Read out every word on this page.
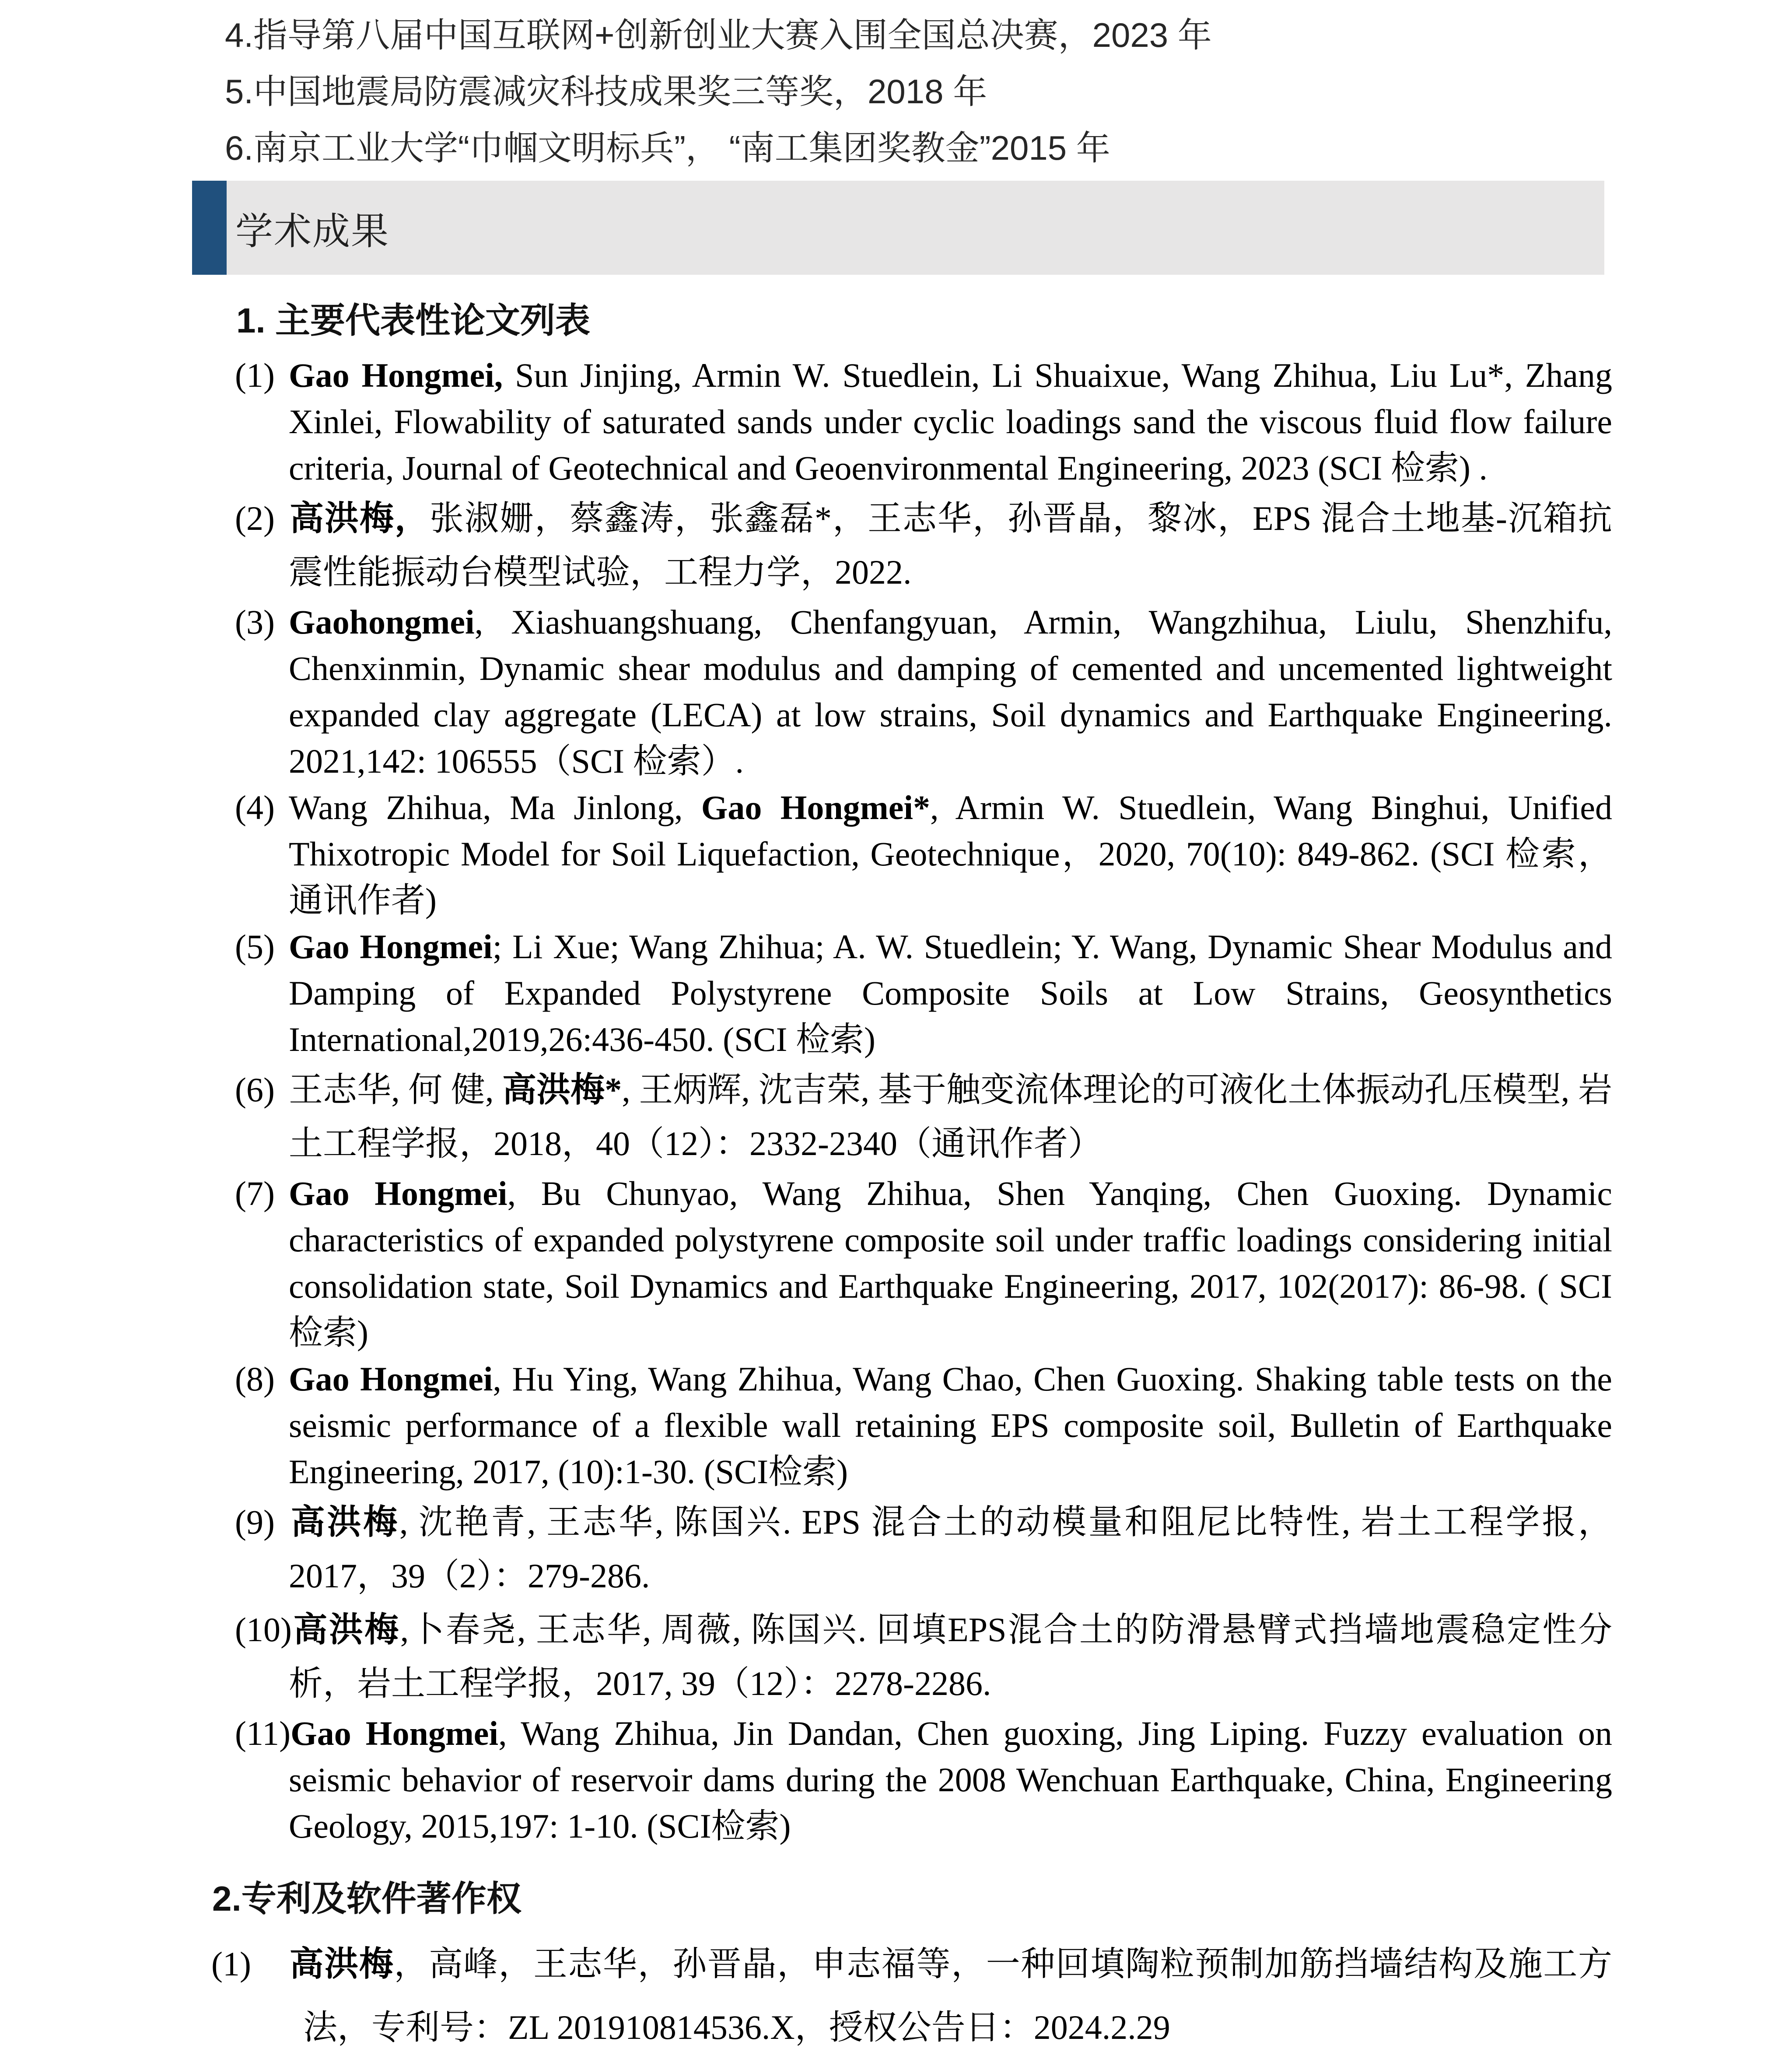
4.指导第八届中国互联网+创新创业大赛入围全国总决赛，2023 年
5.中国地震局防震减灾科技成果奖三等奖，2018 年
6.南京工业大学“巾帼文明标兵”， “南工集团奖教金”2015 年
学术成果
1. 主要代表性论文列表
(1) Gao Hongmei, Sun Jinjing, Armin W. Stuedlein, Li Shuaixue, Wang Zhihua, Liu Lu*, Zhang Xinlei, Flowability of saturated sands under cyclic loadings sand the viscous fluid flow failure criteria, Journal of Geotechnical and Geoenvironmental Engineering, 2023 (SCI 检索) .
(2) 高洪梅，张淑姗，蔡鑫涛，张鑫磊*，王志华，孙晋晶，黎冰，EPS 混合土地基-沉箱抗震性能振动台模型试验，工程力学，2022.
(3) Gaohongmei, Xiashuangshuang, Chenfangyuan, Armin, Wangzhihua, Liulu, Shenzhifu, Chenxinmin, Dynamic shear modulus and damping of cemented and uncemented lightweight expanded clay aggregate (LECA) at low strains, Soil dynamics and Earthquake Engineering. 2021,142: 106555（SCI 检索）.
(4) Wang Zhihua, Ma Jinlong, Gao Hongmei*, Armin W. Stuedlein, Wang Binghui, Unified Thixotropic Model for Soil Liquefaction, Geotechnique，2020, 70(10): 849-862. (SCI 检索，通讯作者)
(5) Gao Hongmei; Li Xue; Wang Zhihua; A. W. Stuedlein; Y. Wang, Dynamic Shear Modulus and Damping of Expanded Polystyrene Composite Soils at Low Strains, Geosynthetics International,2019,26:436-450. (SCI 检索)
(6) 王志华, 何 健, 高洪梅*, 王炳辉, 沈吉荣, 基于触变流体理论的可液化土体振动孔压模型, 岩土工程学报，2018，40（12）：2332-2340（通讯作者）
(7) Gao Hongmei, Bu Chunyao, Wang Zhihua, Shen Yanqing, Chen Guoxing. Dynamic characteristics of expanded polystyrene composite soil under traffic loadings considering initial consolidation state, Soil Dynamics and Earthquake Engineering, 2017, 102(2017): 86-98. ( SCI检索)
(8) Gao Hongmei, Hu Ying, Wang Zhihua, Wang Chao, Chen Guoxing. Shaking table tests on the seismic performance of a flexible wall retaining EPS composite soil, Bulletin of Earthquake Engineering, 2017, (10):1-30. (SCI检索)
(9) 高洪梅, 沈艳青, 王志华, 陈国兴. EPS 混合土的动模量和阻尼比特性, 岩土工程学报，2017，39（2）：279-286.
(10)高洪梅,卜春尧, 王志华, 周薇, 陈国兴. 回填EPS混合土的防滑悬臂式挡墙地震稳定性分析，岩土工程学报，2017, 39（12）：2278-2286.
(11)Gao Hongmei, Wang Zhihua, Jin Dandan, Chen guoxing, Jing Liping. Fuzzy evaluation on seismic behavior of reservoir dams during the 2008 Wenchuan Earthquake, China, Engineering Geology, 2015,197: 1-10. (SCI检索)
2.专利及软件著作权
(1) 高洪梅，高峰，王志华，孙晋晶，申志福等，一种回填陶粒预制加筋挡墙结构及施工方法，专利号：ZL 201910814536.X，授权公告日：2024.2.29
